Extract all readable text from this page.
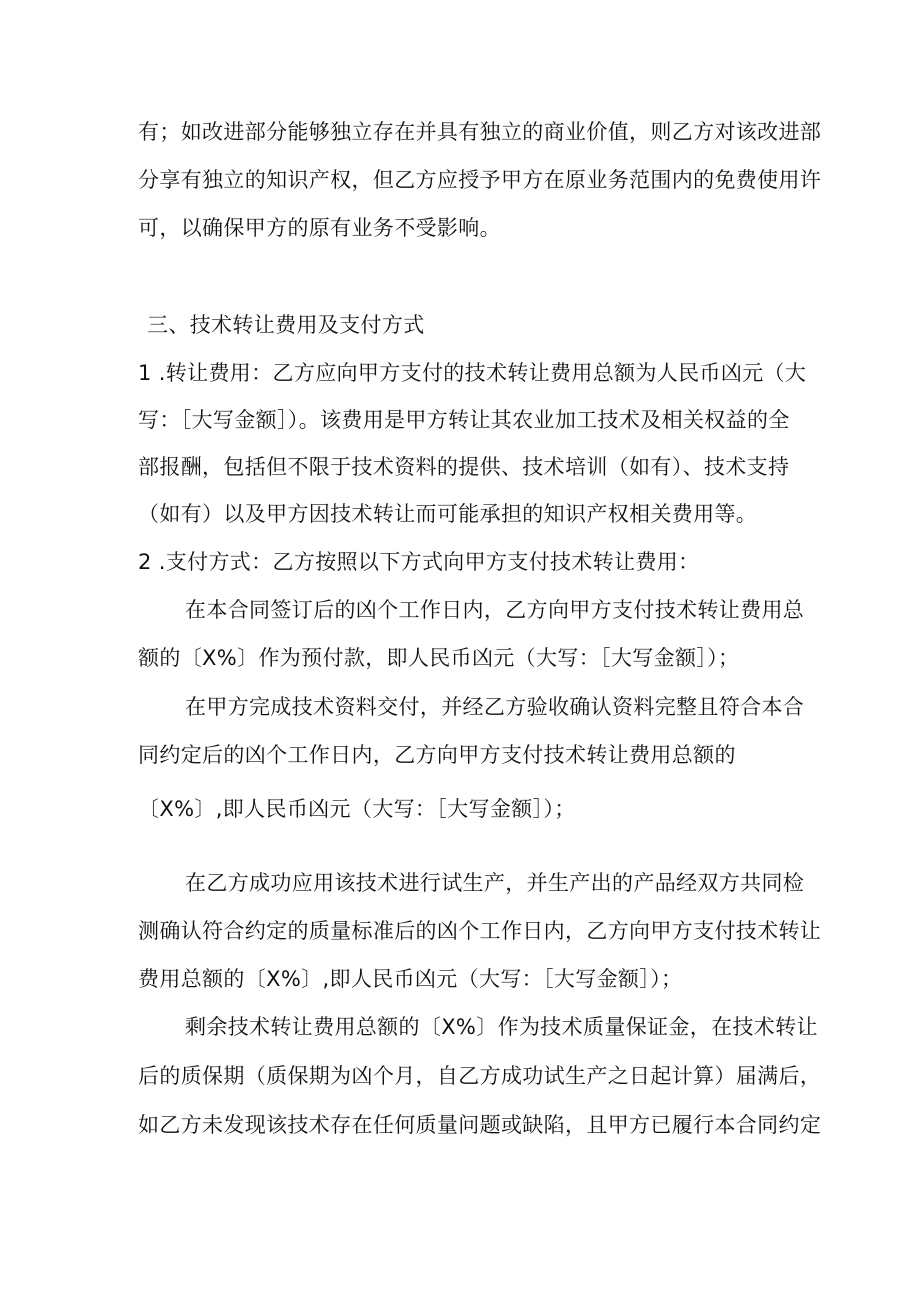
有；如改进部分能够独立存在并具有独立的商业价值，则乙方对该改进部
分享有独立的知识产权，但乙方应授予甲方在原业务范围内的免费使用许
可，以确保甲方的原有业务不受影响。
三、技术转让费用及支付方式
1 .转让费用：乙方应向甲方支付的技术转让费用总额为人民币凶元（大
写：［大写金额］）。该费用是甲方转让其农业加工技术及相关权益的全
部报酬，包括但不限于技术资料的提供、技术培训（如有）、技术支持
（如有）以及甲方因技术转让而可能承担的知识产权相关费用等。
2 .支付方式：乙方按照以下方式向甲方支付技术转让费用：
在本合同签订后的凶个工作日内，乙方向甲方支付技术转让费用总
额的〔X%〕作为预付款，即人民币凶元（大写：［大写金额］）；
在甲方完成技术资料交付，并经乙方验收确认资料完整且符合本合
同约定后的凶个工作日内，乙方向甲方支付技术转让费用总额的
〔X%〕,即人民币凶元（大写：［大写金额］）；
在乙方成功应用该技术进行试生产，并生产出的产品经双方共同检
测确认符合约定的质量标准后的凶个工作日内，乙方向甲方支付技术转让
费用总额的〔X%〕,即人民币凶元（大写：［大写金额］）；
剩余技术转让费用总额的〔X%〕作为技术质量保证金，在技术转让
后的质保期（质保期为凶个月，自乙方成功试生产之日起计算）届满后，
如乙方未发现该技术存在任何质量问题或缺陷，且甲方已履行本合同约定
